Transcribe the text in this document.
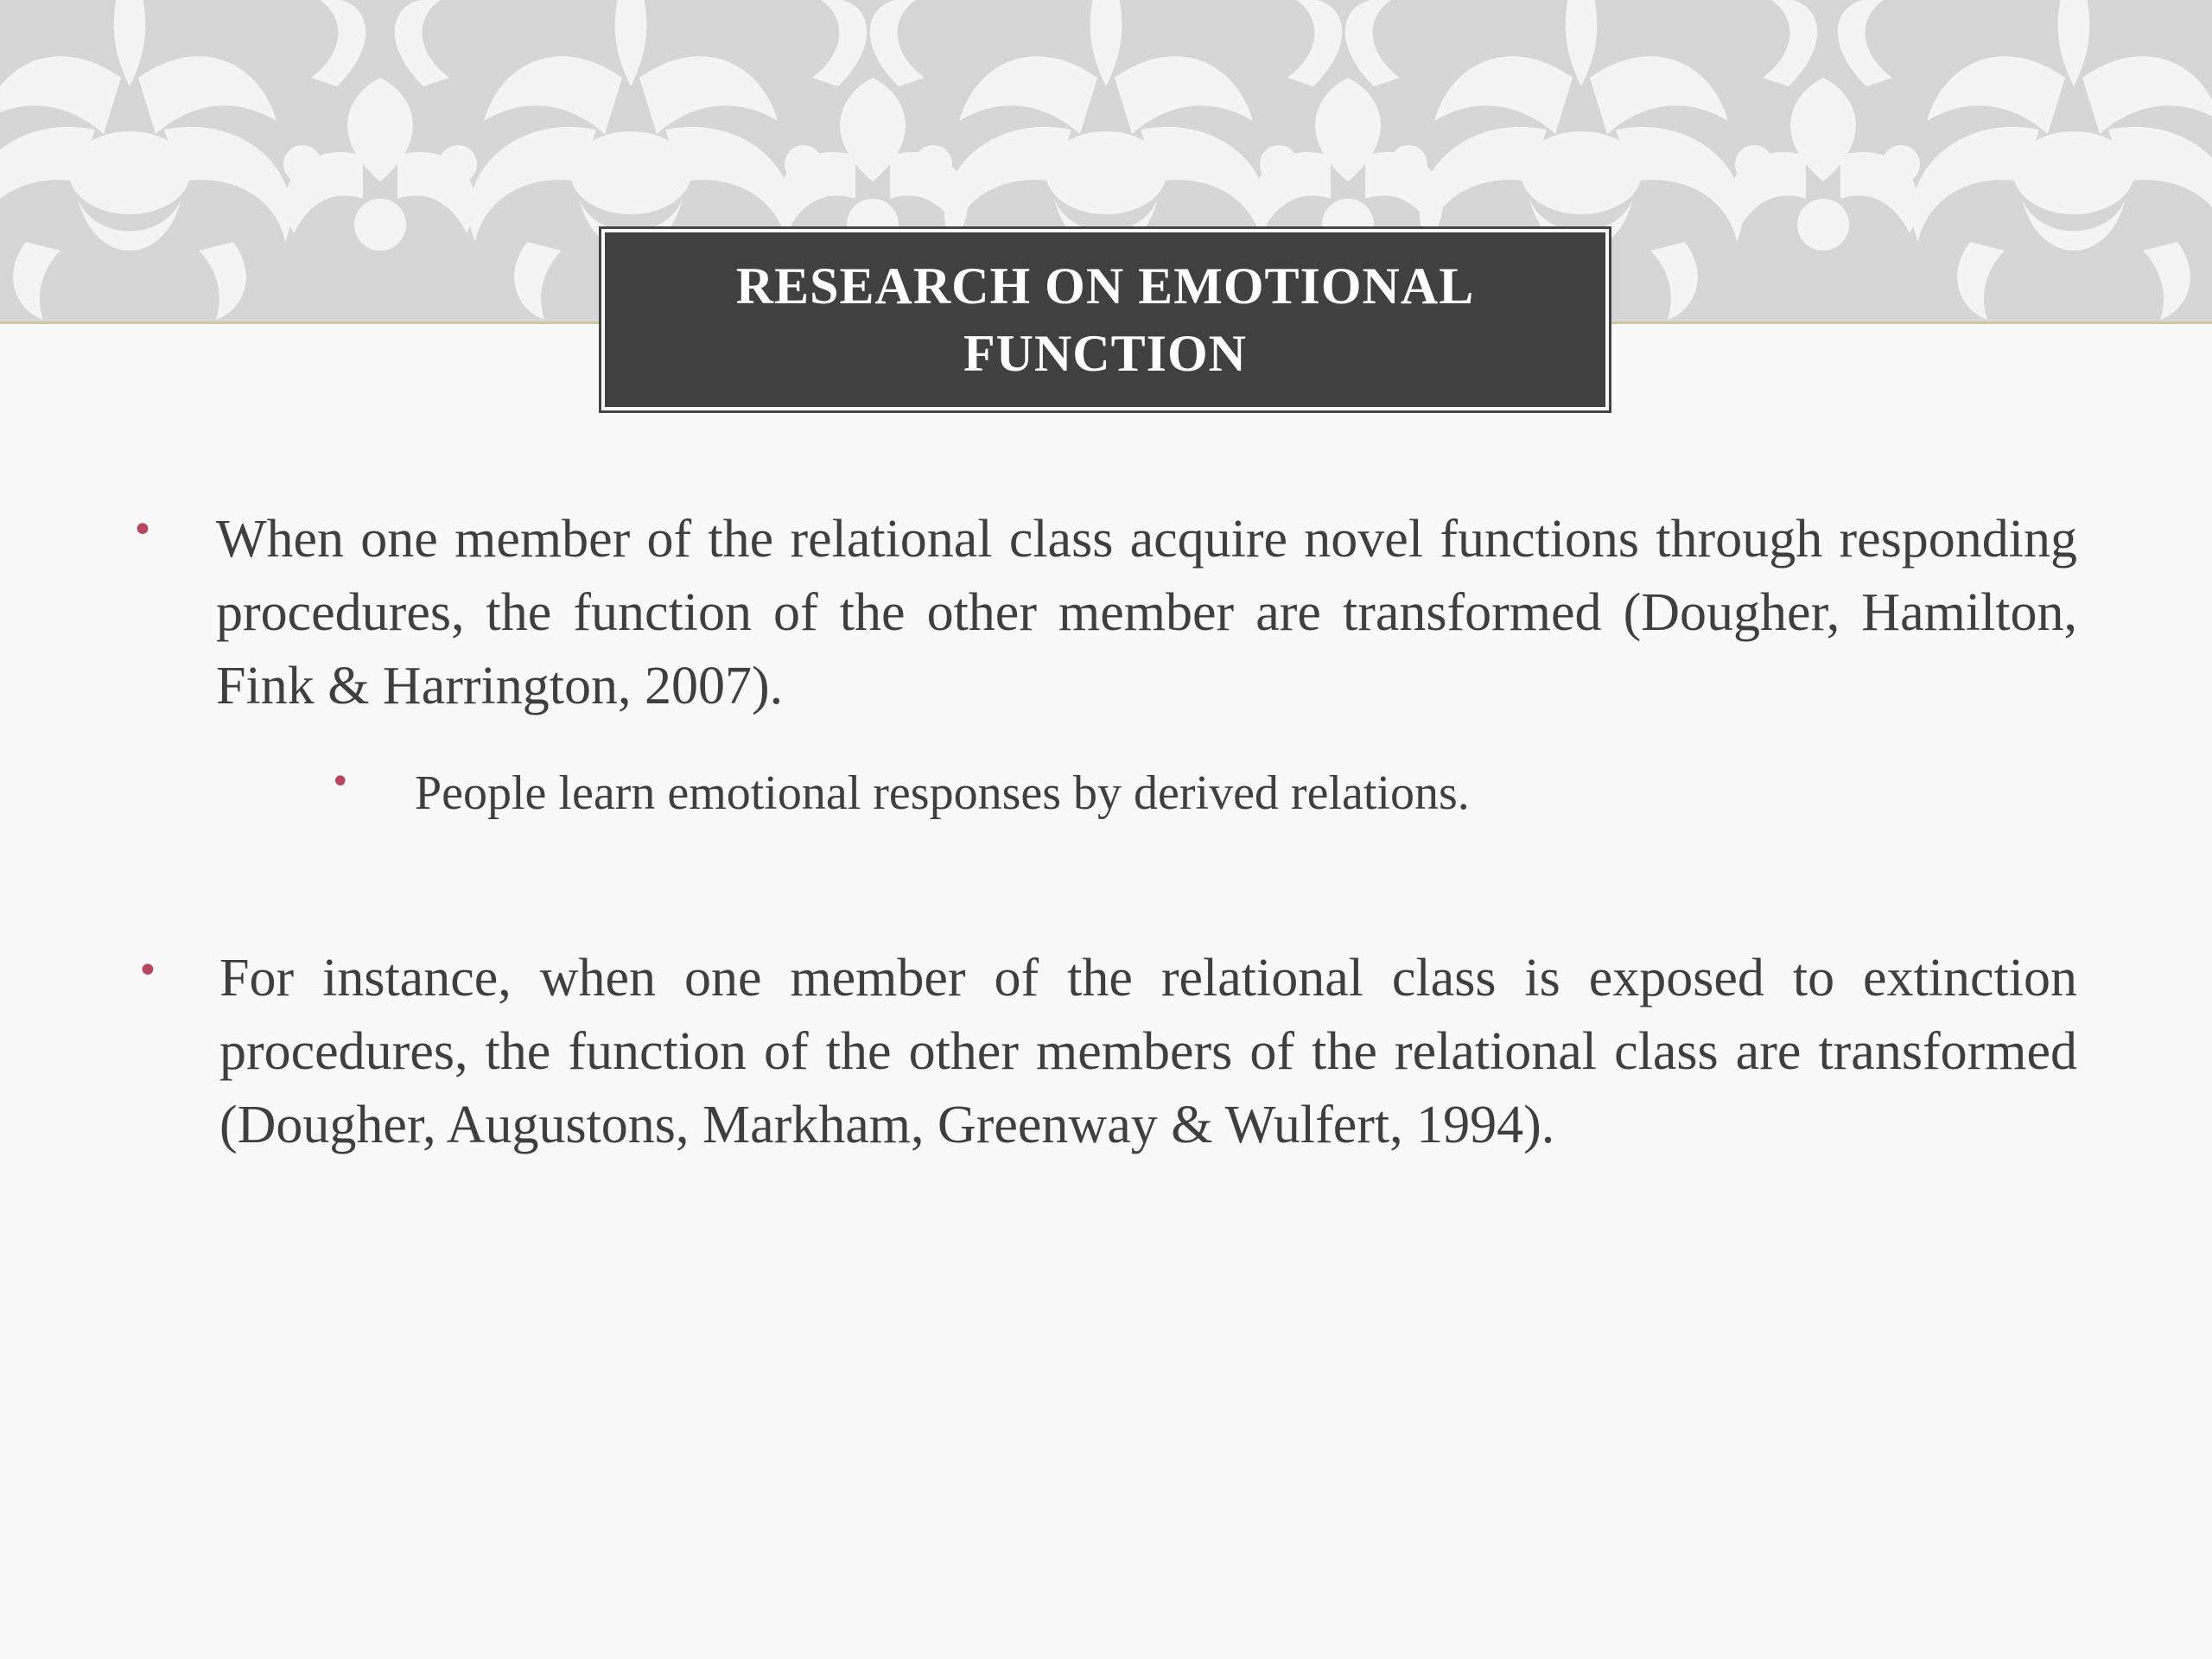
RESEARCH ON EMOTIONAL FUNCTION
• When one member of the relational class acquire novel functions through responding procedures, the function of the other member are transformed (Dougher, Hamilton, Fink & Harrington, 2007).
• People learn emotional responses by derived relations.
• For instance, when one member of the relational class is exposed to extinction procedures, the function of the other members of the relational class are transformed (Dougher, Augustons, Markham, Greenway & Wulfert, 1994).
